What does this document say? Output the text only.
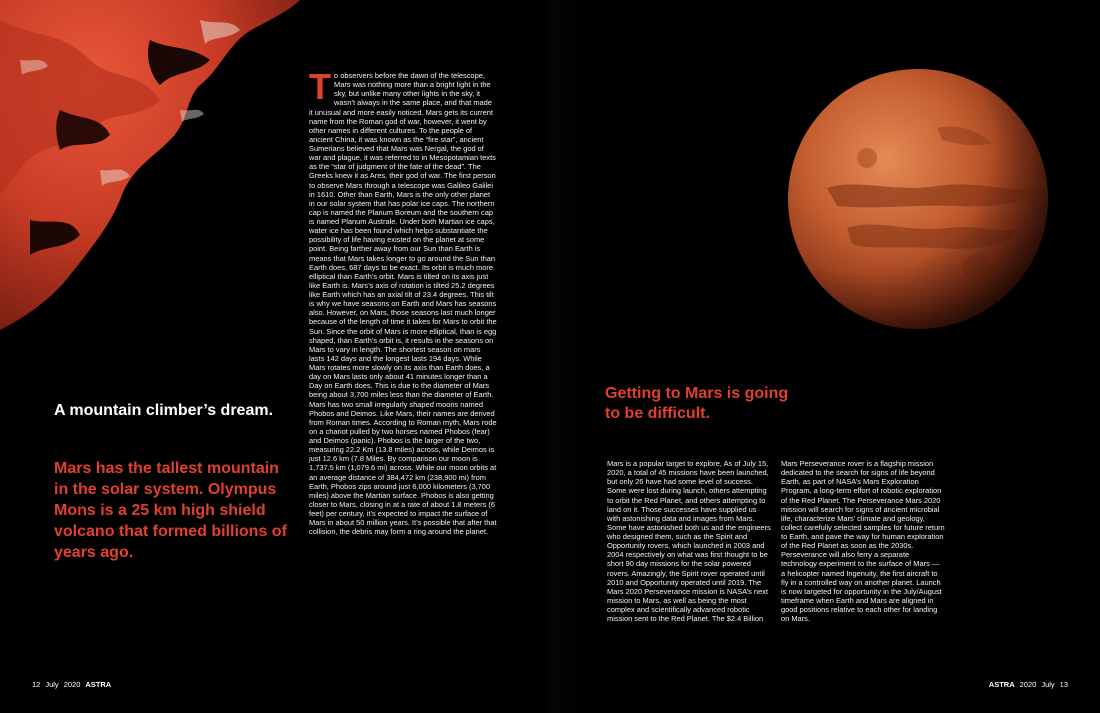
A mountain climber’s dream.

Mars has the tallest mountain in the solar system. Olympus Mons is a 25 km high shield volcano that formed billions of years ago.

To observers before the dawn of the telescope, Mars was nothing more than a bright light in the sky, but unlike many other lights in the sky, it wasn’t always in the same place, and that made it unusual and more easily noticed. Mars gets its current name from the Roman god of war, however, it went by other names in different cultures. To the people of ancient China, it was known as the “fire star”, ancient Sumerians believed that Mars was Nergal, the god of war and plague, it was referred to in Mesopotamian texts as the “star of judgment of the fate of the dead”. The Greeks knew it as Ares, their god of war. The first person to observe Mars through a telescope was Galileo Galilei in 1610. Other than Earth, Mars is the only other planet in our solar system that has polar ice caps. The northern cap is named the Planum Boreum and the southern cap is named Planum Australe. Under both Martian ice caps, water ice has been found which helps substantiate the possibility of life having existed on the planet at some point. Being farther away from our Sun than Earth is means that Mars takes longer to go around the Sun than Earth does, 687 days to be exact. Its orbit is much more elliptical than Earth’s orbit. Mars is tilted on its axis just like Earth is. Mars’s axis of rotation is tilted 25.2 degrees like Earth which has an axial tilt of 23.4 degrees. This tilt is why we have seasons on Earth and Mars has seasons also. However, on Mars, those seasons last much longer because of the length of time it takes for Mars to orbit the Sun. Since the orbit of Mars is more elliptical, than is egg shaped, than Earth’s orbit is, it results in the seasons on Mars to vary in length. The shortest season on mars lasts 142 days and the longest lasts 194 days. While Mars rotates more slowly on its axis than Earth does, a day on Mars lasts only about 41 minutes longer than a Day on Earth does. This is due to the diameter of Mars being about 3,700 miles less than the diameter of Earth. Mars has two small irregularly shaped moons named Phobos and Deimos. Like Mars, their names are derived from Roman times. According to Roman myth, Mars rode on a chariot pulled by two horses named Phobos (fear) and Deimos (panic). Phobos is the larger of the two, measuring 22.2 Km (13.8 miles) across, while Deimos is just 12.6 km (7.8 Miles. By comparison our moon is 1,737.5 km (1,079.6 mi) across. While our moon orbits at an average distance of 384,472 km (238,900 mi) from Earth, Phobos zips around just 6,000 kilometers (3,700 miles) above the Martian surface. Phobos is also getting closer to Mars, closing in at a rate of about 1.8 meters (6 feet) per century, it’s expected to impact the surface of Mars in about 50 million years. It’s possible that after that collision, the debris may form a ring around the planet.

12 July 2020 ASTRA

Getting to Mars is going to be difficult.

Mars is a popular target to explore, As of July 15, 2020, a total of 45 missions have been launched, but only 26 have had some level of success. Some were lost during launch, others attempting to orbit the Red Planet, and others attempting to land on it. Those successes have supplied us with astonishing data and images from Mars. Some have astonished both us and the engineers who designed them, such as the Spirit and Opportunity rovers, which launched in 2003 and 2004 respectively on what was first thought to be short 90 day missions for the solar powered rovers. Amazingly, the Spirit rover operated until 2010 and Opportunity operated until 2019. The Mars 2020 Perseverance mission is NASA’s next mission to Mars, as well as being the most complex and scientifically advanced robotic mission sent to the Red Planet. The $2.4 Billion

Mars Perseverance rover is a flagship mission dedicated to the search for signs of life beyond Earth, as part of NASA’s Mars Exploration Program, a long-term effort of robotic exploration of the Red Planet. The Perseverance Mars 2020 mission will search for signs of ancient microbial life, characterize Mars’ climate and geology, collect carefully selected samples for future return to Earth, and pave the way for human exploration of the Red Planet as soon as the 2030s. Perseverance will also ferry a separate technology experiment to the surface of Mars — a helicopter named Ingenuity, the first aircraft to fly in a controlled way on another planet. Launch is now targeted for opportunity in the July/August timeframe when Earth and Mars are aligned in good positions relative to each other for landing on Mars.

ASTRA 2020 July 13
